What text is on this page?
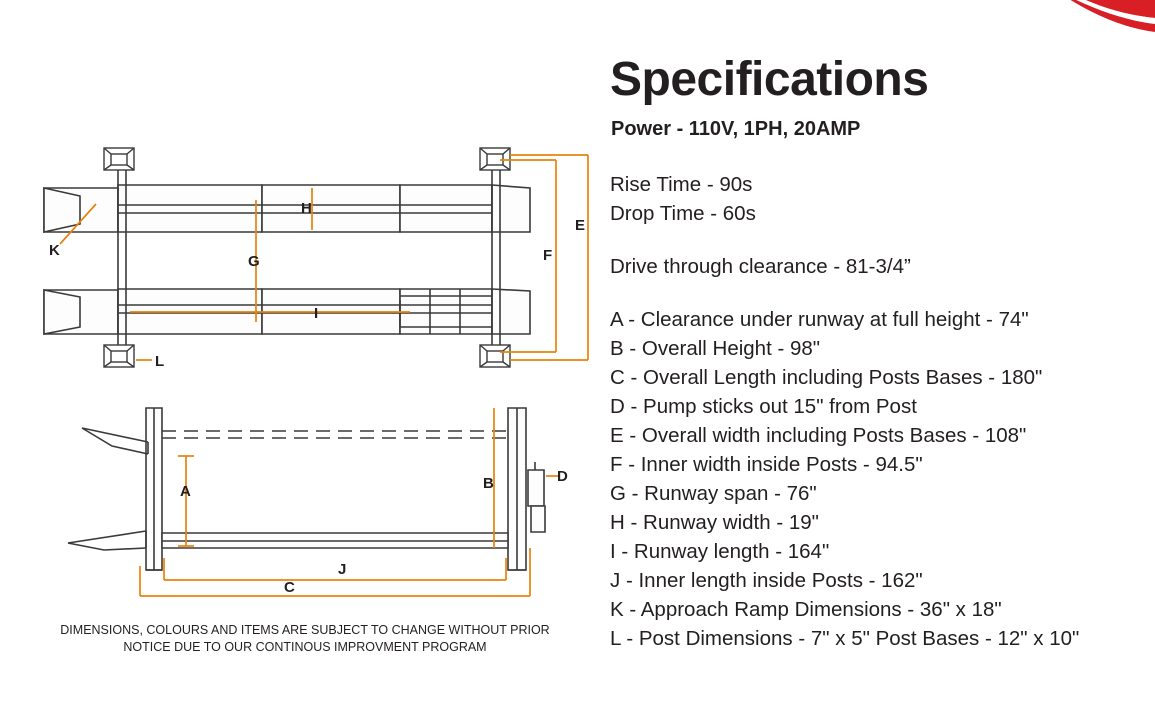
E
F
G
H
I
K
L
A	B
C
D
J
DIMENSIONS, COLOURS AND ITEMS ARE SUBJECT TO CHANGE WITHOUT PRIOR
NOTICE DUE TO OUR CONTINOUS IMPROVMENT PROGRAM
Specifications
Power - 110V, 1PH, 20AMP
Rise Time - 90s
Drop Time - 60s
Drive through clearance - 81-3/4”
A - Clearance under runway at full height - 74"
B - Overall Height - 98"
C - Overall Length including Posts Bases - 180"
D - Pump sticks out 15" from Post
E - Overall width including Posts Bases - 108"
F - Inner width inside Posts - 94.5"
G - Runway span - 76"
H - Runway width - 19"
I - Runway length - 164"
J - Inner length inside Posts - 162"
K - Approach Ramp Dimensions - 36" x 18"
L - Post Dimensions - 7" x 5" Post Bases - 12" x 10"
